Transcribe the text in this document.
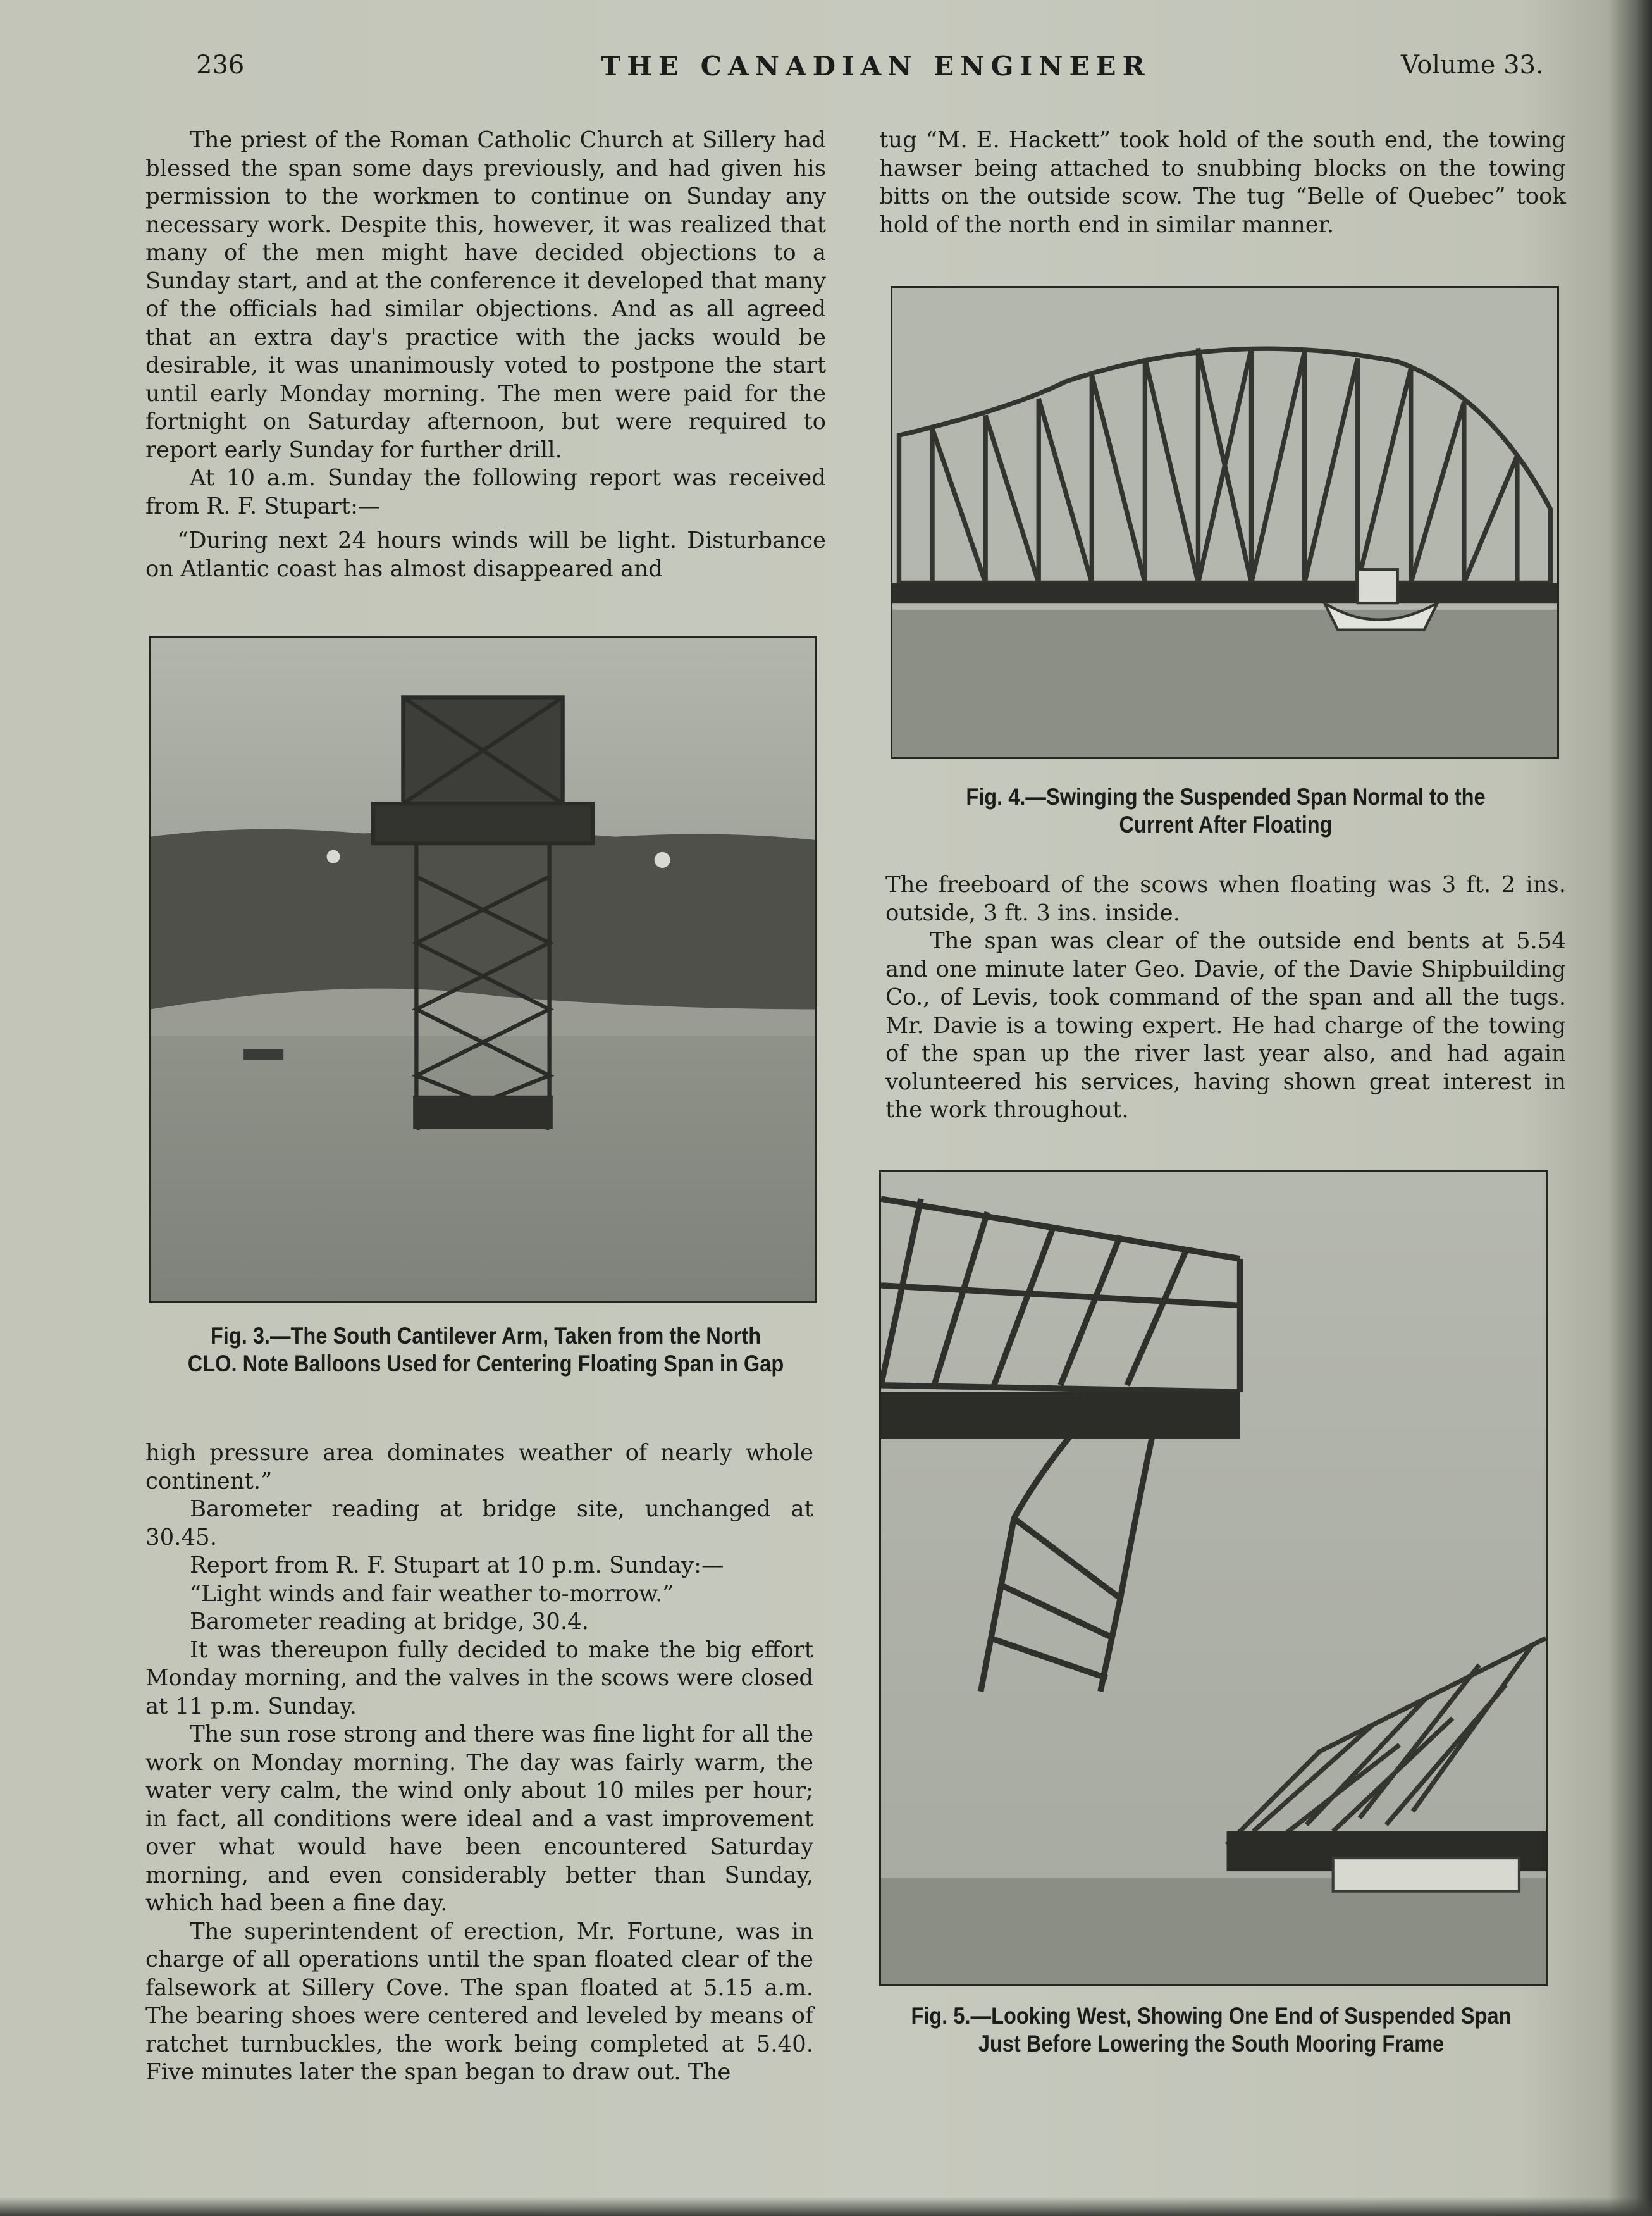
236	THE CANADIAN ENGINEER	Volume 33.

The priest of the Roman Catholic Church at Sillery had blessed the span some days previously, and had given his permission to the workmen to continue on Sunday any necessary work. Despite this, however, it was realized that many of the men might have decided objections to a Sunday start, and at the conference it developed that many of the officials had similar objections. And as all agreed that an extra day's practice with the jacks would be desirable, it was unanimously voted to postpone the start until early Monday morning. The men were paid for the fortnight on Saturday afternoon, but were required to report early Sunday for further drill.

At 10 a.m. Sunday the following report was received from R. F. Stupart:—

“During next 24 hours winds will be light. Disturbance on Atlantic coast has almost disappeared and

Fig. 3.—The South Cantilever Arm, Taken from the North CLO. Note Balloons Used for Centering Floating Span in Gap

high pressure area dominates weather of nearly whole continent.”

Barometer reading at bridge site, unchanged at 30.45.

Report from R. F. Stupart at 10 p.m. Sunday:—

“Light winds and fair weather to-morrow.”

Barometer reading at bridge, 30.4.

It was thereupon fully decided to make the big effort Monday morning, and the valves in the scows were closed at 11 p.m. Sunday.

The sun rose strong and there was fine light for all the work on Monday morning. The day was fairly warm, the water very calm, the wind only about 10 miles per hour; in fact, all conditions were ideal and a vast improvement over what would have been encountered Saturday morning, and even considerably better than Sunday, which had been a fine day.

The superintendent of erection, Mr. Fortune, was in charge of all operations until the span floated clear of the falsework at Sillery Cove. The span floated at 5.15 a.m. The bearing shoes were centered and leveled by means of ratchet turnbuckles, the work being completed at 5.40. Five minutes later the span began to draw out. The

tug “M. E. Hackett” took hold of the south end, the towing hawser being attached to snubbing blocks on the towing bitts on the outside scow. The tug “Belle of Quebec” took hold of the north end in similar manner.

Fig. 4.—Swinging the Suspended Span Normal to the Current After Floating

The freeboard of the scows when floating was 3 ft. 2 ins. outside, 3 ft. 3 ins. inside.

The span was clear of the outside end bents at 5.54 and one minute later Geo. Davie, of the Davie Shipbuilding Co., of Levis, took command of the span and all the tugs. Mr. Davie is a towing expert. He had charge of the towing of the span up the river last year also, and had again volunteered his services, having shown great interest in the work throughout.

Fig. 5.—Looking West, Showing One End of Suspended Span Just Before Lowering the South Mooring Frame
